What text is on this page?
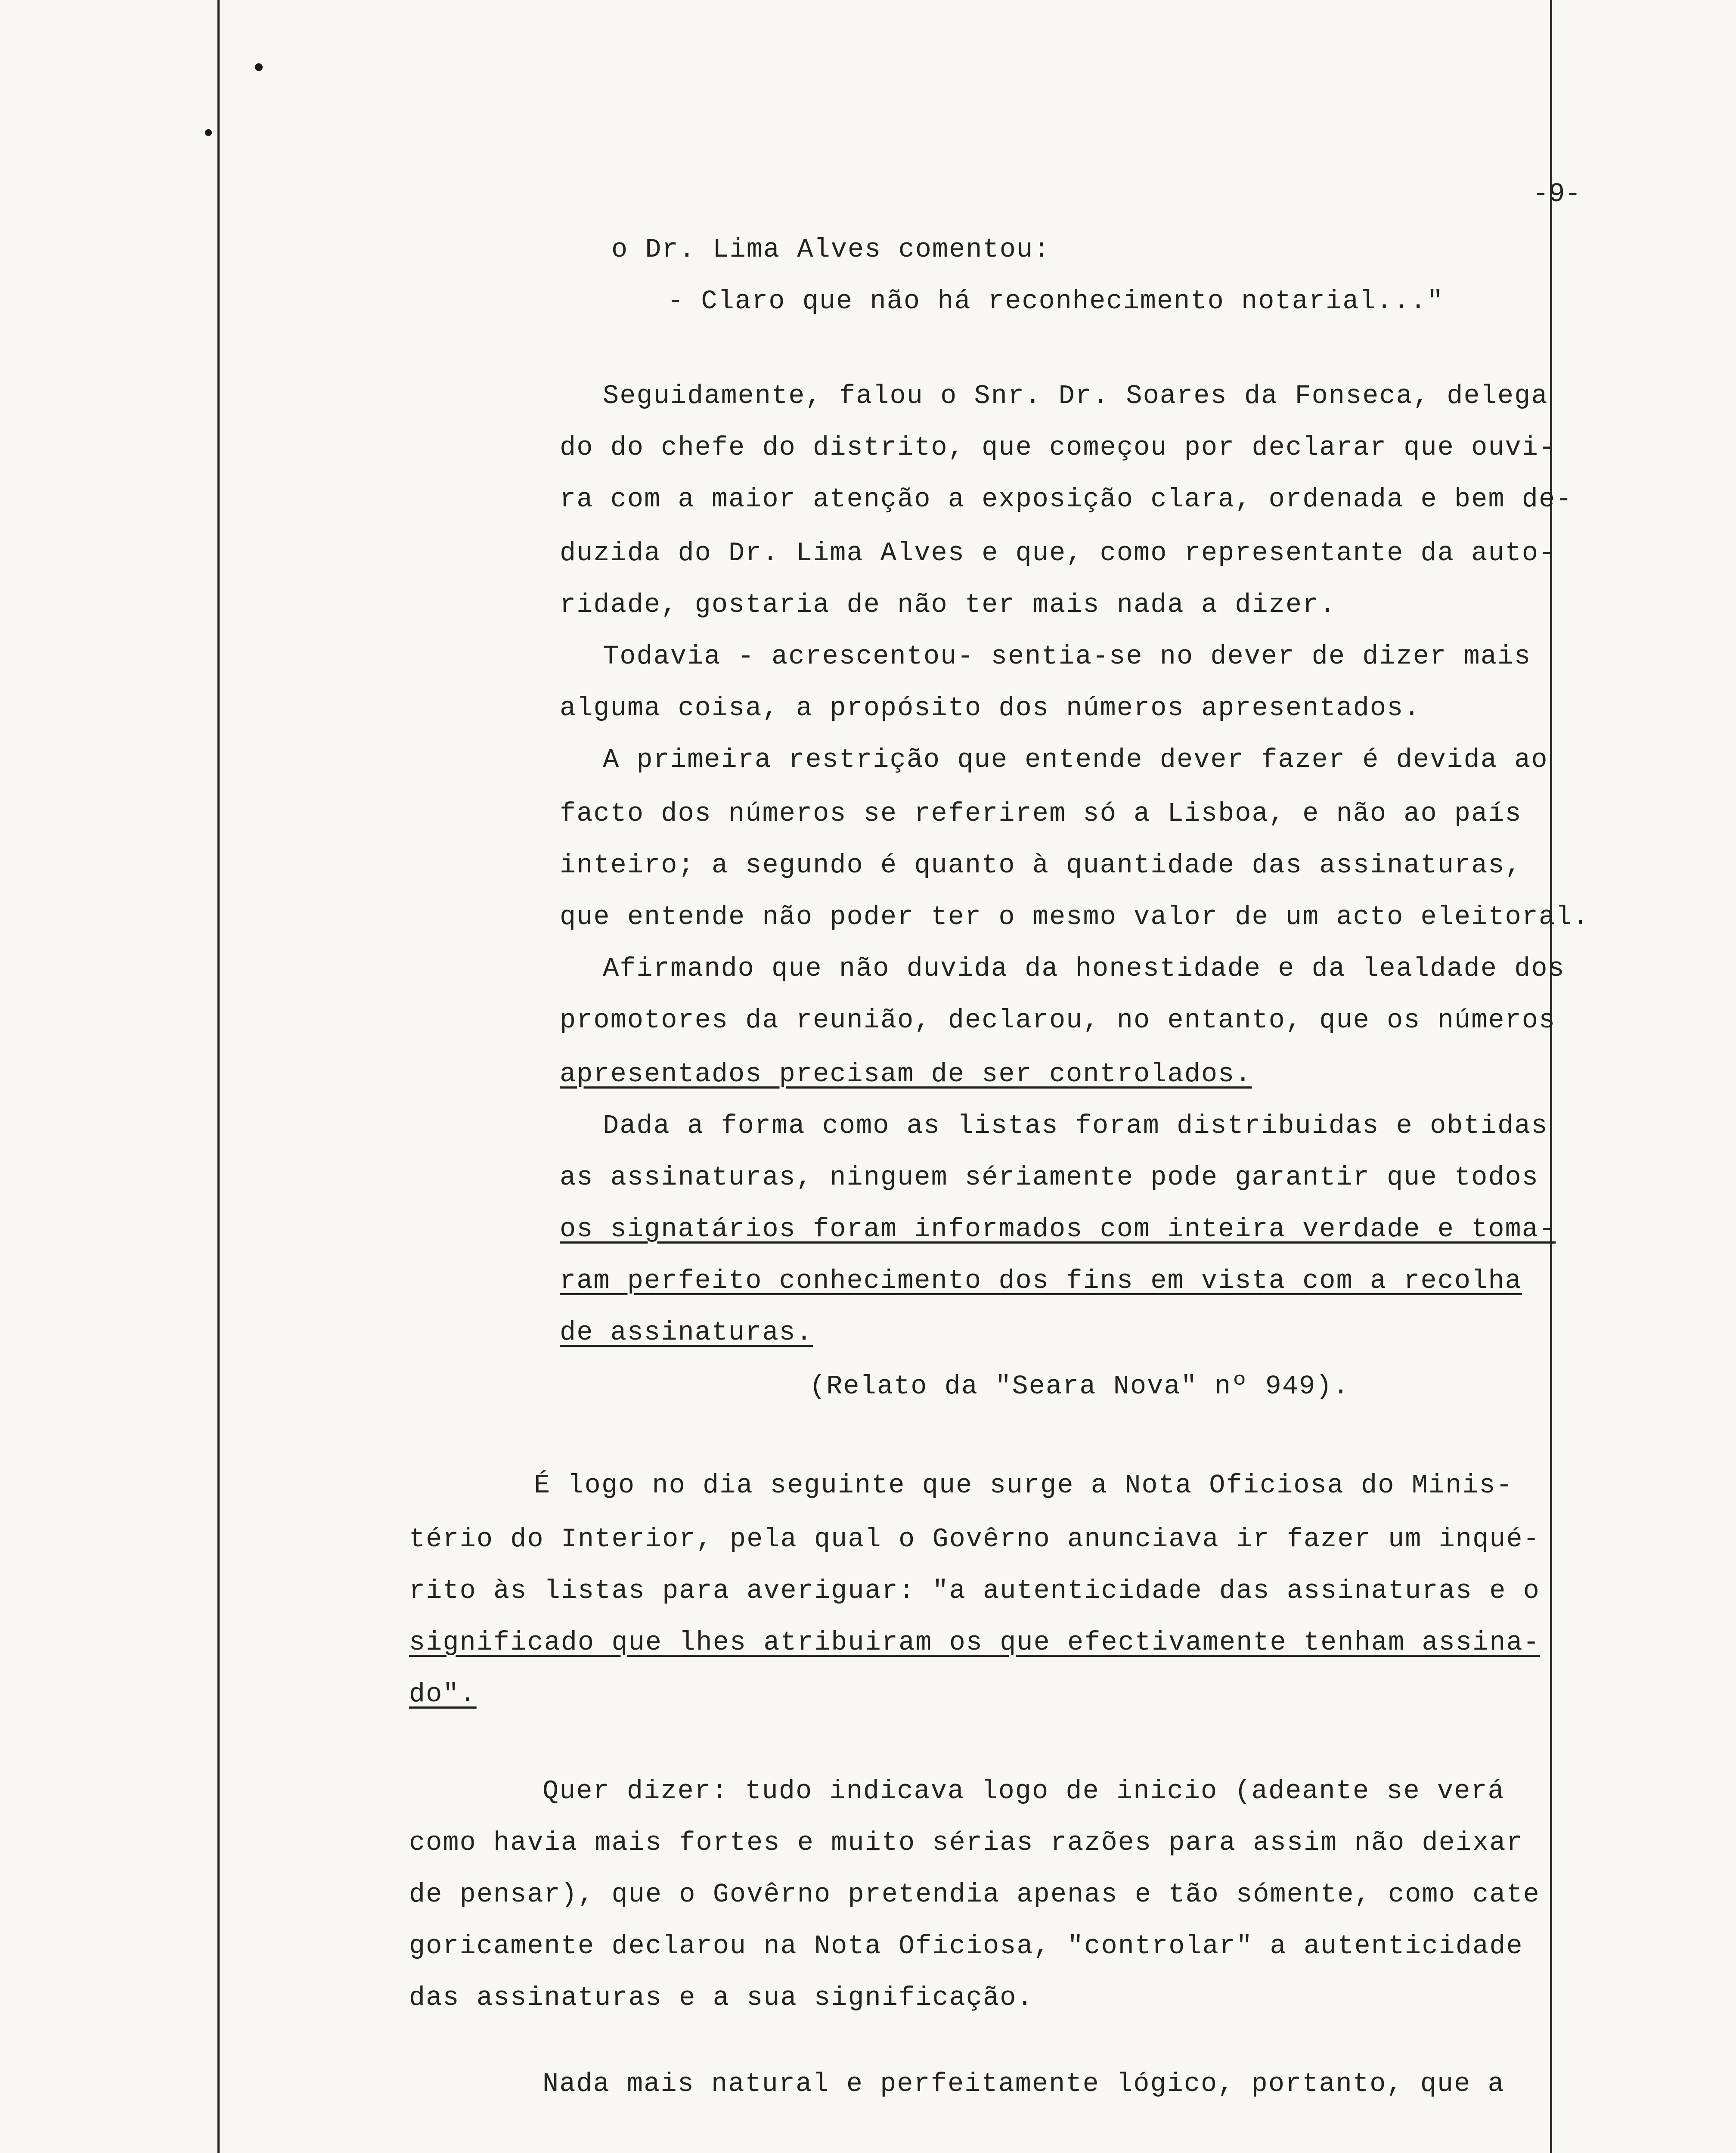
-9-
o Dr. Lima Alves comentou:
- Claro que não há reconhecimento notarial..."
Seguidamente, falou o Snr. Dr. Soares da Fonseca, delega
do do chefe do distrito, que começou por declarar que ouvi-
ra com a maior atenção a exposição clara, ordenada e bem de-
duzida do Dr. Lima Alves e que, como representante da auto-
ridade, gostaria de não ter mais nada a dizer.
Todavia - acrescentou- sentia-se no dever de dizer mais
alguma coisa, a propósito dos números apresentados.
A primeira restrição que entende dever fazer é devida ao
facto dos números se referirem só a Lisboa, e não ao país
inteiro; a segundo é quanto à quantidade das assinaturas,
que entende não poder ter o mesmo valor de um acto eleitoral.
Afirmando que não duvida da honestidade e da lealdade dos
promotores da reunião, declarou, no entanto, que os números
apresentados precisam de ser controlados.
Dada a forma como as listas foram distribuidas e obtidas
as assinaturas, ninguem sériamente pode garantir que todos
os signatários foram informados com inteira verdade e toma-
ram perfeito conhecimento dos fins em vista com a recolha
de assinaturas.
(Relato da "Seara Nova" nº 949).
É logo no dia seguinte que surge a Nota Oficiosa do Minis-
tério do Interior, pela qual o Govêrno anunciava ir fazer um inqué-
rito às listas para averiguar: "a autenticidade das assinaturas e o
significado que lhes atribuiram os que efectivamente tenham assina-
do".
Quer dizer: tudo indicava logo de inicio (adeante se verá
como havia mais fortes e muito sérias razões para assim não deixar
de pensar), que o Govêrno pretendia apenas e tão sómente, como cate
goricamente declarou na Nota Oficiosa, "controlar" a autenticidade
das assinaturas e a sua significação.
Nada mais natural e perfeitamente lógico, portanto, que a
